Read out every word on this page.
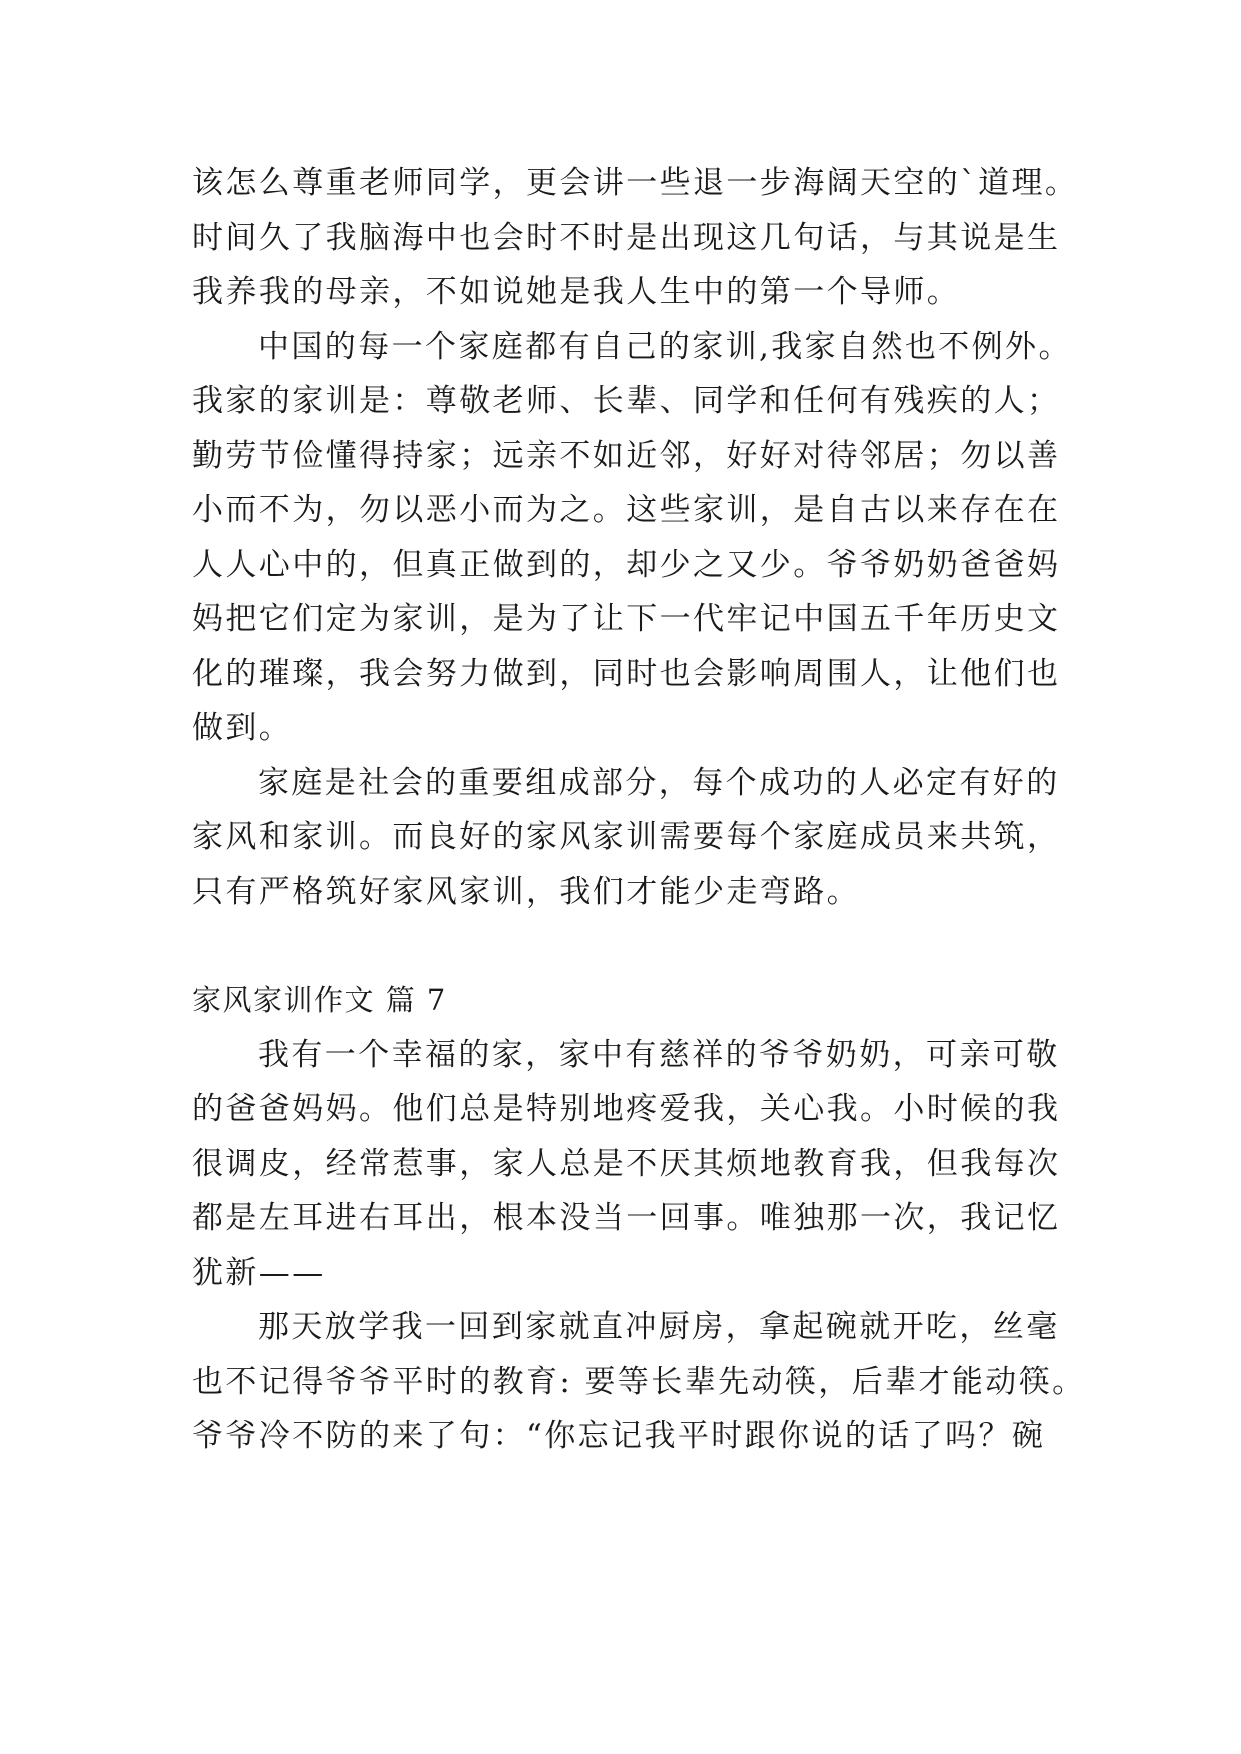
该怎么尊重老师同学，更会讲一些退一步海阔天空的`道理。
时间久了我脑海中也会时不时是出现这几句话，与其说是生
我养我的母亲，不如说她是我人生中的第一个导师。
中国的每一个家庭都有自己的家训,我家自然也不例外。
我家的家训是：尊敬老师、长辈、同学和任何有残疾的人；
勤劳节俭懂得持家；远亲不如近邻，好好对待邻居；勿以善
小而不为，勿以恶小而为之。这些家训，是自古以来存在在
人人心中的，但真正做到的，却少之又少。爷爷奶奶爸爸妈
妈把它们定为家训，是为了让下一代牢记中国五千年历史文
化的璀璨，我会努力做到，同时也会影响周围人，让他们也
做到。
家庭是社会的重要组成部分，每个成功的人必定有好的
家风和家训。而良好的家风家训需要每个家庭成员来共筑，
只有严格筑好家风家训，我们才能少走弯路。
家风家训作文 篇 7
我有一个幸福的家，家中有慈祥的爷爷奶奶，可亲可敬
的爸爸妈妈。他们总是特别地疼爱我，关心我。小时候的我
很调皮，经常惹事，家人总是不厌其烦地教育我，但我每次
都是左耳进右耳出，根本没当一回事。唯独那一次，我记忆
犹新——
那天放学我一回到家就直冲厨房，拿起碗就开吃，丝毫
也不记得爷爷平时的教育: 要等长辈先动筷，后辈才能动筷。
爷爷冷不防的来了句：“你忘记我平时跟你说的话了吗？碗
